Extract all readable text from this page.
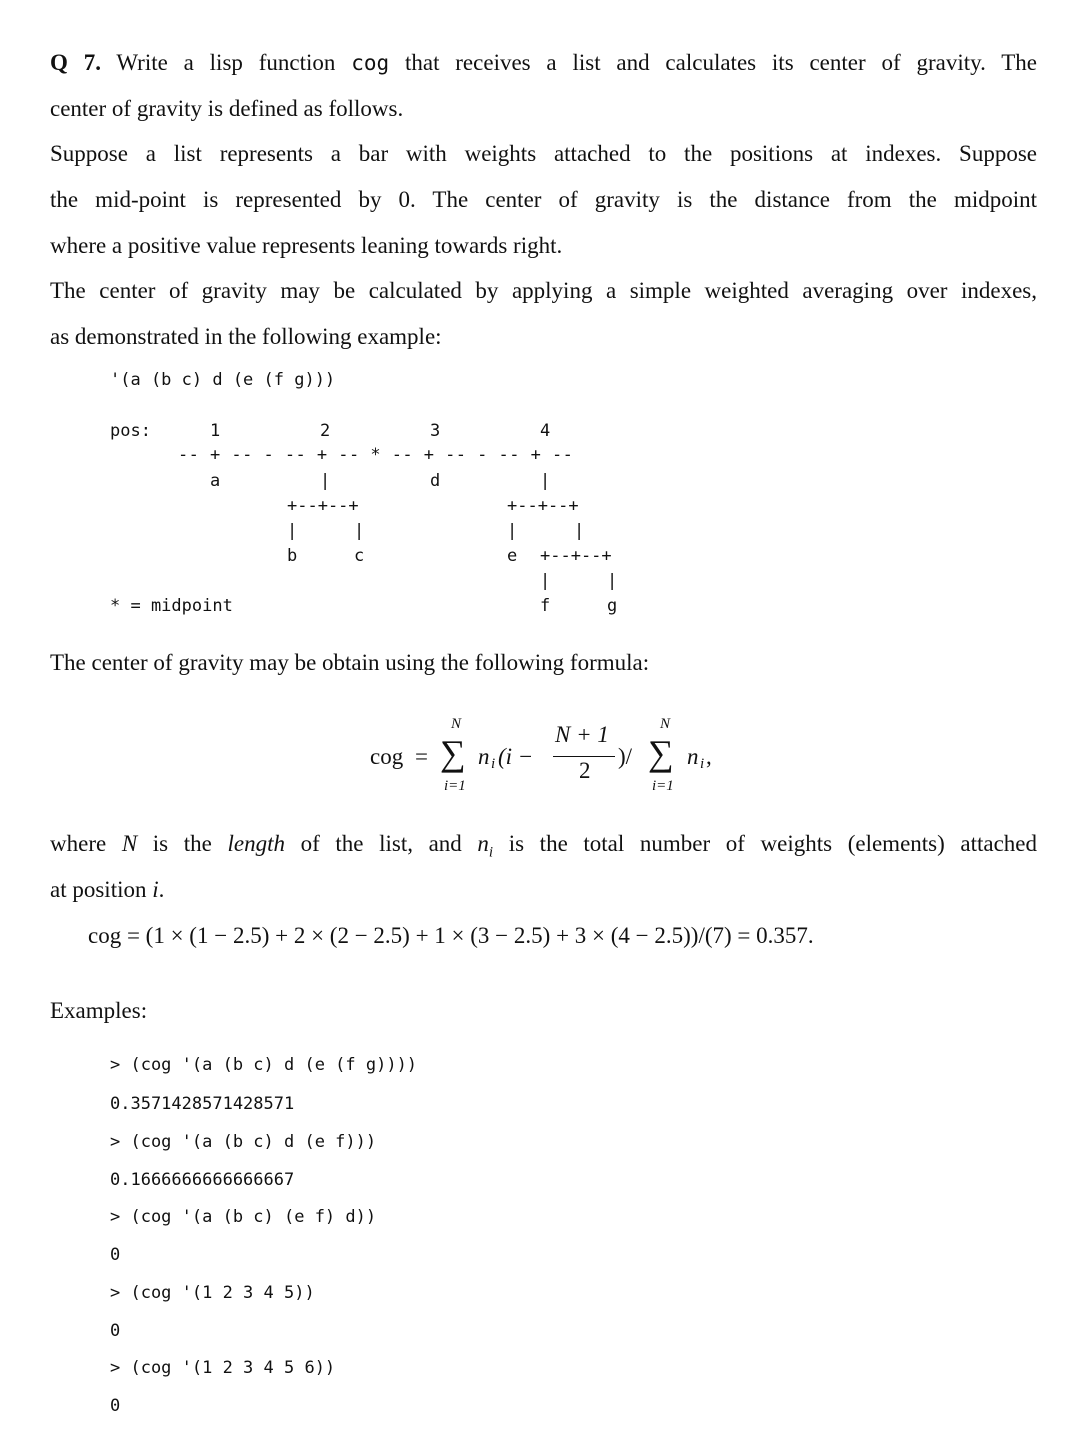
Q 7. Write a lisp function cog that receives a list and calculates its center of gravity. The
center of gravity is defined as follows.
Suppose a list represents a bar with weights attached to the positions at indexes. Suppose
the mid-point is represented by 0. The center of gravity is the distance from the midpoint
where a positive value represents leaning towards right.
The center of gravity may be calculated by applying a simple weighted averaging over indexes,
as demonstrated in the following example:
'(a (b c) d (e (f g)))
pos:	1	2	3	4
-- + -- - -- + -- * -- + -- - -- + --
a	|	d	|
+--+--+	+--+--+
|	|	|	|
b	c	e +--+--+
|	|
* = midpoint	f	g
The center of gravity may be obtain using the following formula:
cog =
N
∑
i=1
n i (i −
N + 1
2
)/
N
∑
i=1
n i ,
where N is the length of the list, and $n_i$ is the total number of weights (elements) attached
at position i.
cog = (1 × (1 − 2.5) + 2 × (2 − 2.5) + 1 × (3 − 2.5) + 3 × (4 − 2.5))/(7) = 0.357.
Examples:
> (cog '(a (b c) d (e (f g))))
0.3571428571428571
> (cog '(a (b c) d (e f)))
0.1666666666666667
> (cog '(a (b c) (e f) d))
0
> (cog '(1 2 3 4 5))
0
> (cog '(1 2 3 4 5 6))
0
